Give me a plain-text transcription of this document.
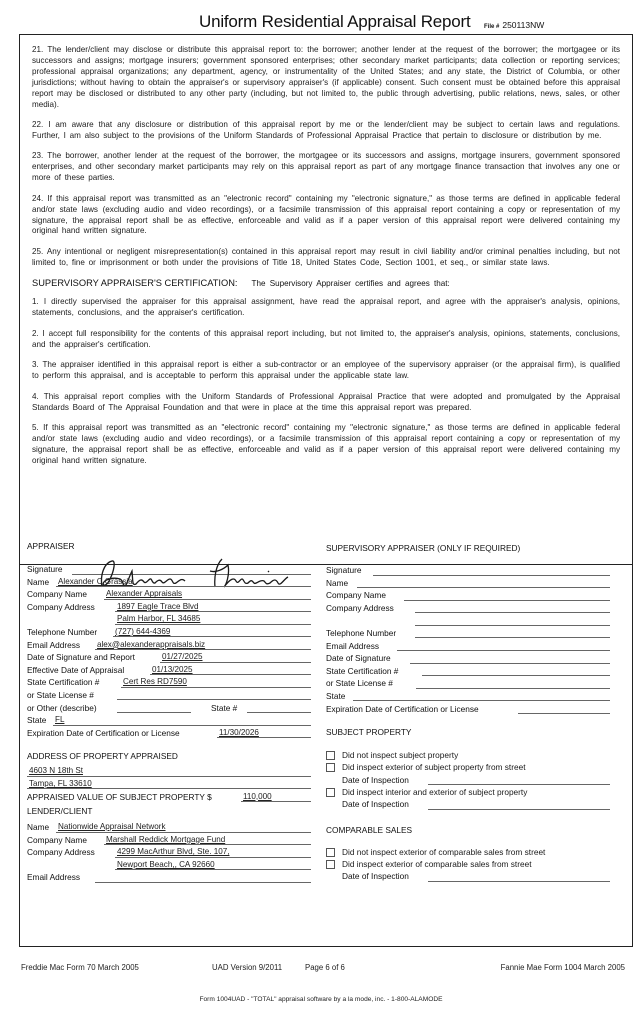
Uniform Residential Appraisal Report File # 250113NW

21. The lender/client may disclose or distribute this appraisal report to: the borrower; another lender at the request of the borrower; the mortgagee or its successors and assigns; mortgage insurers; government sponsored enterprises; other secondary market participants; data collection or reporting services; professional appraisal organizations; any department, agency, or instrumentality of the United States; and any state, the District of Columbia, or other jurisdictions; without having to obtain the appraiser's or supervisory appraiser's (if applicable) consent. Such consent must be obtained before this appraisal report may be disclosed or distributed to any other party (including, but not limited to, the public through advertising, public relations, news, sales, or other media).

22. I am aware that any disclosure or distribution of this appraisal report by me or the lender/client may be subject to certain laws and regulations. Further, I am also subject to the provisions of the Uniform Standards of Professional Appraisal Practice that pertain to disclosure or distribution by me.

23. The borrower, another lender at the request of the borrower, the mortgagee or its successors and assigns, mortgage insurers, government sponsored enterprises, and other secondary market participants may rely on this appraisal report as part of any mortgage finance transaction that involves any one or more of these parties.

24. If this appraisal report was transmitted as an "electronic record" containing my "electronic signature," as those terms are defined in applicable federal and/or state laws (excluding audio and video recordings), or a facsimile transmission of this appraisal report containing a copy or representation of my signature, the appraisal report shall be as effective, enforceable and valid as if a paper version of this appraisal report were delivered containing my original hand written signature.

25. Any intentional or negligent misrepresentation(s) contained in this appraisal report may result in civil liability and/or criminal penalties including, but not limited to, fine or imprisonment or both under the provisions of Title 18, United States Code, Section 1001, et seq., or similar state laws.

SUPERVISORY APPRAISER'S CERTIFICATION: The Supervisory Appraiser certifies and agrees that:

1. I directly supervised the appraiser for this appraisal assignment, have read the appraisal report, and agree with the appraiser's analysis, opinions, statements, conclusions, and the appraiser's certification.

2. I accept full responsibility for the contents of this appraisal report including, but not limited to, the appraiser's analysis, opinions, statements, conclusions, and the appraiser's certification.

3. The appraiser identified in this appraisal report is either a sub-contractor or an employee of the supervisory appraiser (or the appraisal firm), is qualified to perform this appraisal, and is acceptable to perform this appraisal under the applicable state law.

4. This appraisal report complies with the Uniform Standards of Professional Appraisal Practice that were adopted and promulgated by the Appraisal Standards Board of The Appraisal Foundation and that were in place at the time this appraisal report was prepared.

5. If this appraisal report was transmitted as an "electronic record" containing my "electronic signature," as those terms are defined in applicable federal and/or state laws (excluding audio and video recordings), or a facsimile transmission of this appraisal report containing a copy or representation of my signature, the appraisal report shall be as effective, enforceable and valid as if a paper version of this appraisal report were delivered containing my original hand written signature.

APPRAISER
Signature
Name Alexander C Grassia
Company Name Alexander Appraisals
Company Address	1897 Eagle Trace Blvd
Palm Harbor, FL 34685
Telephone Number (727) 644-4369
Email Address alex@alexanderappraisals.biz
Date of Signature and Report	01/27/2025
Effective Date of Appraisal	01/13/2025
State Certification #	Cert Res RD7590
or State License #
or Other (describe)	State #
State FL
Expiration Date of Certification or License	11/30/2026
ADDRESS OF PROPERTY APPRAISED
4603 N 18th St
Tampa, FL 33610
APPRAISED VALUE OF SUBJECT PROPERTY $	110,000
LENDER/CLIENT
Name Nationwide Appraisal Network
Company Name Marshall Reddick Mortgage Fund
Company Address	4299 MacArthur Blvd, Ste. 107,
Newport Beach,, CA 92660
Email Address
SUPERVISORY APPRAISER (ONLY IF REQUIRED)
Signature
Name
Company Name
Company Address
Telephone Number
Email Address
Date of Signature
State Certification #
or State License #
State
Expiration Date of Certification or License
SUBJECT PROPERTY
Did not inspect subject property
Did inspect exterior of subject property from street
Date of Inspection
Did inspect interior and exterior of subject property
Date of Inspection
COMPARABLE SALES
Did not inspect exterior of comparable sales from street
Did inspect exterior of comparable sales from street
Date of Inspection
Freddie Mac Form 70 March 2005	UAD Version 9/2011	Page 6 of 6	Fannie Mae Form 1004 March 2005
Form 1004UAD - "TOTAL" appraisal software by a la mode, inc. - 1-800-ALAMODE
